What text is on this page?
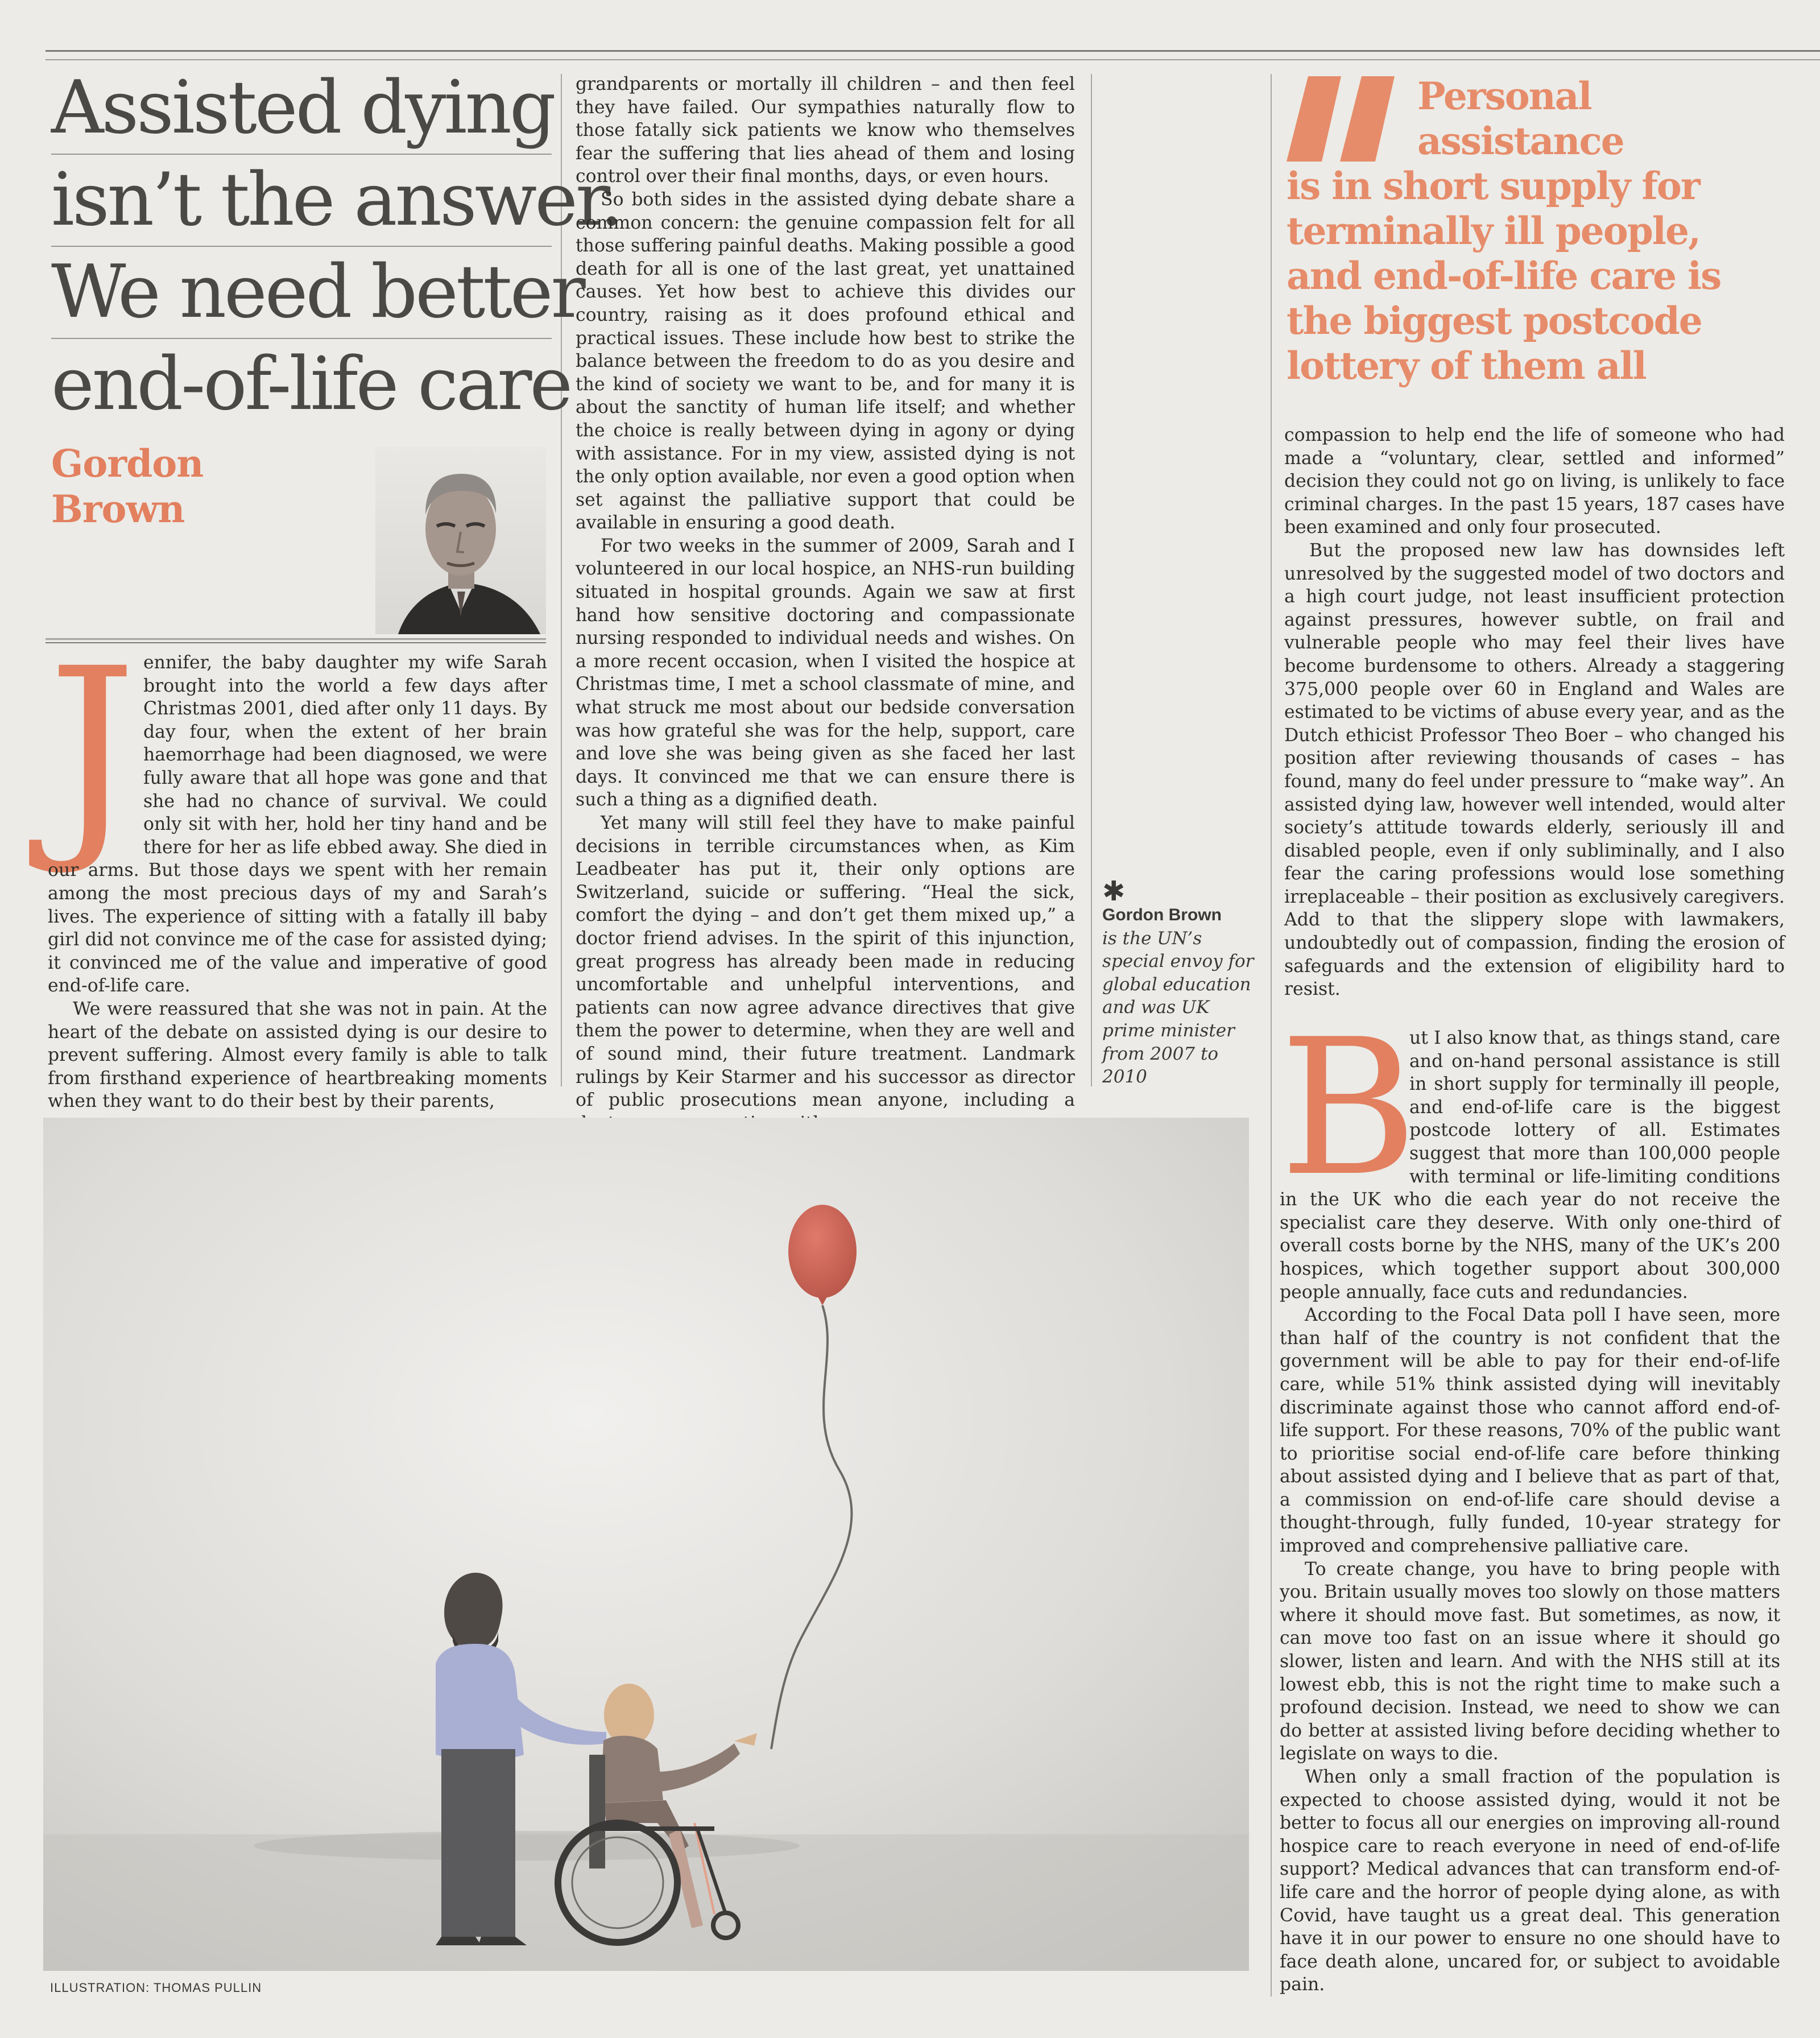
Assisted dying
isn’t the answer.
We need better
end-of-life care
Gordon
Brown
J ennifer, the baby daughter my wife Sarah brought into the world a few days after Christmas 2001, died after only 11 days. By day four, when the extent of her brain haemorrhage had been diagnosed, we were fully aware that all hope was gone and that she had no chance of survival. We could only sit with her, hold her tiny hand and be there for her as life ebbed away. She died in our arms. But those days we spent with her remain among the most precious days of my and Sarah’s lives. The experience of sitting with a fatally ill baby girl did not convince me of the case for assisted dying; it convinced me of the value and imperative of good end-of-life care.

We were reassured that she was not in pain. At the heart of the debate on assisted dying is our desire to prevent suffering. Almost every family is able to talk from firsthand experience of heartbreaking moments when they want to do their best by their parents,

grandparents or mortally ill children – and then feel they have failed. Our sympathies naturally flow to those fatally sick patients we know who themselves fear the suffering that lies ahead of them and losing control over their final months, days, or even hours.

So both sides in the assisted dying debate share a common concern: the genuine compassion felt for all those suffering painful deaths. Making possible a good death for all is one of the last great, yet unattained causes. Yet how best to achieve this divides our country, raising as it does profound ethical and practical issues. These include how best to strike the balance between the freedom to do as you desire and the kind of society we want to be, and for many it is about the sanctity of human life itself; and whether the choice is really between dying in agony or dying with assistance. For in my view, assisted dying is not the only option available, nor even a good option when set against the palliative support that could be available in ensuring a good death.

For two weeks in the summer of 2009, Sarah and I volunteered in our local hospice, an NHS-run building situated in hospital grounds. Again we saw at first hand how sensitive doctoring and compassionate nursing responded to individual needs and wishes. On a more recent occasion, when I visited the hospice at Christmas time, I met a school classmate of mine, and what struck me most about our bedside conversation was how grateful she was for the help, support, care and love she was being given as she faced her last days. It convinced me that we can ensure there is such a thing as a dignified death.

Yet many will still feel they have to make painful decisions in terrible circumstances when, as Kim Leadbeater has put it, their only options are Switzerland, suicide or suffering. “Heal the sick, comfort the dying – and don’t get them mixed up,” a doctor friend advises. In the spirit of this injunction, great progress has already been made in reducing uncomfortable and unhelpful interventions, and patients can now agree advance directives that give them the power to determine, when they are well and of sound mind, their future treatment. Landmark rulings by Keir Starmer and his successor as director of public prosecutions mean anyone, including a

✱
Gordon Brown
is the UN’s special envoy for global education and was UK prime minister from 2007 to 2010
Personal
assistance
is in short supply for
terminally ill people,
and end-of-life care is
the biggest postcode
lottery of them all

compassion to help end the life of someone who had made a “voluntary, clear, settled and informed” decision they could not go on living, is unlikely to face criminal charges. In the past 15 years, 187 cases have been examined and only four prosecuted.

But the proposed new law has downsides left unresolved by the suggested model of two doctors and a high court judge, not least insufficient protection against pressures, however subtle, on frail and vulnerable people who may feel their lives have become burdensome to others. Already a staggering 375,000 people over 60 in England and Wales are estimated to be victims of abuse every year, and as the Dutch ethicist Professor Theo Boer – who changed his position after reviewing thousands of cases – has found, many do feel under pressure to “make way”. An assisted dying law, however well intended, would alter society’s attitude towards elderly, seriously ill and disabled people, even if only subliminally, and I also fear the caring professions would lose something irreplaceable – their position as exclusively caregivers. Add to that the slippery slope with lawmakers, undoubtedly out of compassion, finding the erosion of safeguards and the extension of eligibility hard to resist.

B

ut I also know that, as things stand, care and on-hand personal assistance is still in short supply for terminally ill people, and end-of-life care is the biggest postcode lottery of all. Estimates suggest that more than 100,000 people with terminal or life-limiting conditions in the UK who die each year do not receive the specialist care they deserve. With only one-third of overall costs borne by the NHS, many of the UK’s 200 hospices, which together support about 300,000 people annually, face cuts and redundancies.

According to the Focal Data poll I have seen, more than half of the country is not confident that the government will be able to pay for their end-of-life care, while 51% think assisted dying will inevitably discriminate against those who cannot afford end-of-life support. For these reasons, 70% of the public want to prioritise social end-of-life care before thinking about assisted dying and I believe that as part of that, a commission on end-of-life care should devise a thought-through, fully funded, 10-year strategy for improved and comprehensive palliative care.

To create change, you have to bring people with you. Britain usually moves too slowly on those matters where it should move fast. But sometimes, as now, it can move too fast on an issue where it should go slower, listen and learn. And with the NHS still at its lowest ebb, this is not the right time to make such a profound decision. Instead, we need to show we can do better at assisted living before deciding whether to legislate on ways to die.

When only a small fraction of the population is expected to choose assisted dying, would it not be better to focus all our energies on improving all-round hospice care to reach everyone in need of end-of-life support? Medical advances that can transform end-of-life care and the horror of people dying alone, as with Covid, have taught us a great deal. This generation have it in our power to ensure no one should have to face death alone, uncared for, or subject to avoidable pain.

ILLUSTRATION: THOMAS PULLIN
